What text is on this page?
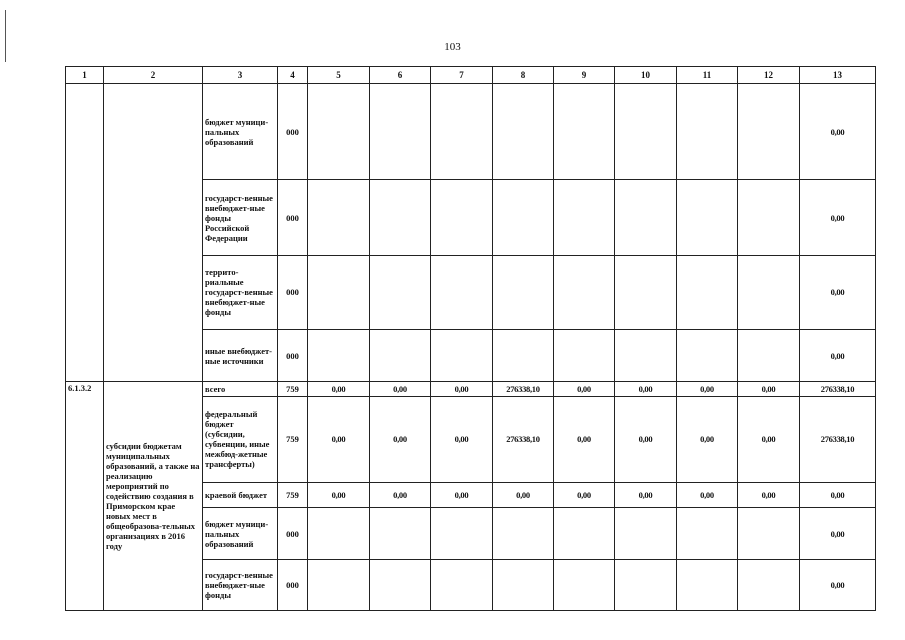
103
1	2	3	4	5	6	7	8	9	10	11	12	13
		бюджет муници-пальных образований	000									0,00
		государст-венные внебюджет-ные фонды Российской Федерации	000									0,00
		террито-риальные государст-венные внебюджет-ные фонды	000									0,00
		иные внебюджет-ные источники	000									0,00
6.1.3.2	субсидии бюджетам муниципальных образований, а также на реализацию мероприятий по содействию создания в Приморском крае новых мест в общеобразова-тельных организациях в 2016 году	всего	759	0,00	0,00	0,00	276338,10	0,00	0,00	0,00	0,00	276338,10
		федеральный бюджет (субсидии, субвенции, иные межбюд-жетные трансферты)	759	0,00	0,00	0,00	276338,10	0,00	0,00	0,00	0,00	276338,10
		краевой бюджет	759	0,00	0,00	0,00	0,00	0,00	0,00	0,00	0,00	0,00
		бюджет муници-пальных образований	000									0,00
		государст-венные внебюджет-ные фонды	000									0,00
